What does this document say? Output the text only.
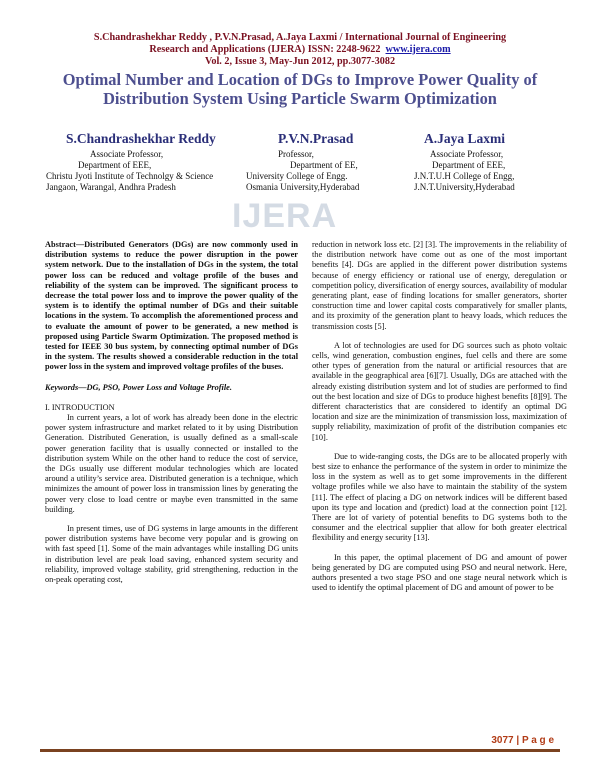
S.Chandrashekhar Reddy , P.V.N.Prasad, A.Jaya Laxmi / International Journal of Engineering
Research and Applications (IJERA) ISSN: 2248-9622 www.ijera.com
Vol. 2, Issue 3, May-Jun 2012, pp.3077-3082
Optimal Number and Location of DGs to Improve Power Quality of Distribution System Using Particle Swarm Optimization
S.Chandrashekhar Reddy
Associate Professor,
Department of EEE,
Christu Jyoti Institute of Technolgy & Science
Jangaon, Warangal, Andhra Pradesh
P.V.N.Prasad
Professor,
Department of EE,
University College of Engg.
Osmania University,Hyderabad
A.Jaya Laxmi
Associate Professor,
Department of EEE,
J.N.T.U.H College of Engg,
J.N.T.University,Hyderabad
IJERA

Abstract—Distributed Generators (DGs) are now commonly used in distribution systems to reduce the power disruption in the power system network. Due to the installation of DGs in the system, the total power loss can be reduced and voltage profile of the buses and reliability of the system can be improved. The significant process to decrease the total power loss and to improve the power quality of the system is to identify the optimal number of DGs and their suitable locations in the system. To accomplish the aforementioned process and to evaluate the amount of power to be generated, a new method is proposed using Particle Swarm Optimization. The proposed method is tested for IEEE 30 bus system, by connecting optimal number of DGs in the system. The results showed a considerable reduction in the total power loss in the system and improved voltage profiles of the buses.

Keywords—DG, PSO, Power Loss and Voltage Profile.

I. INTRODUCTION

In current years, a lot of work has already been done in the electric power system infrastructure and market related to it by using Distribution Generation. Distributed Generation, is usually defined as a small-scale power generation facility that is usually connected or installed to the distribution system While on the other hand to reduce the cost of service, the DGs usually use different modular technologies which are located around a utility’s service area. Distributed generation is a technique, which minimizes the amount of power loss in transmission lines by generating the power very close to load centre or maybe even transmitted in the same building.

In present times, use of DG systems in large amounts in the different power distribution systems have become very popular and is growing on with fast speed [1]. Some of the main advantages while installing DG units in distribution level are peak load saving, enhanced system security and reliability, improved voltage stability, grid strengthening, reduction in the on-peak operating cost,

reduction in network loss etc. [2] [3]. The improvements in the reliability of the distribution network have come out as one of the most important benefits [4]. DGs are applied in the different power distribution systems because of energy efficiency or rational use of energy, deregulation or competition policy, diversification of energy sources, availability of modular generating plant, ease of finding locations for smaller generators, shorter construction time and lower capital costs comparatively for smaller plants, and its proximity of the generation plant to heavy loads, which reduces the transmission costs [5].

A lot of technologies are used for DG sources such as photo voltaic cells, wind generation, combustion engines, fuel cells and there are some other types of generation from the natural or artificial resources that are available in the geographical area [6][7]. Usually, DGs are attached with the already existing distribution system and lot of studies are performed to find out the best location and size of DGs to produce highest benefits [8][9]. The different characteristics that are considered to identify an optimal DG location and size are the minimization of transmission loss, maximization of supply reliability, maximization of profit of the distribution companies etc [10].

Due to wide-ranging costs, the DGs are to be allocated properly with best size to enhance the performance of the system in order to minimize the loss in the system as well as to get some improvements in the different voltage profiles while we also have to maintain the stability of the system [11]. The effect of placing a DG on network indices will be different based upon its type and location and (predict) load at the connection point [12]. There are lot of variety of potential benefits to DG systems both to the consumer and the electrical supplier that allow for both greater electrical flexibility and energy security [13].

In this paper, the optimal placement of DG and amount of power being generated by DG are computed using PSO and neural network. Here, authors presented a two stage PSO and one stage neural network which is used to identify the optimal placement of DG and amount of power to be

3077 | P a g e
